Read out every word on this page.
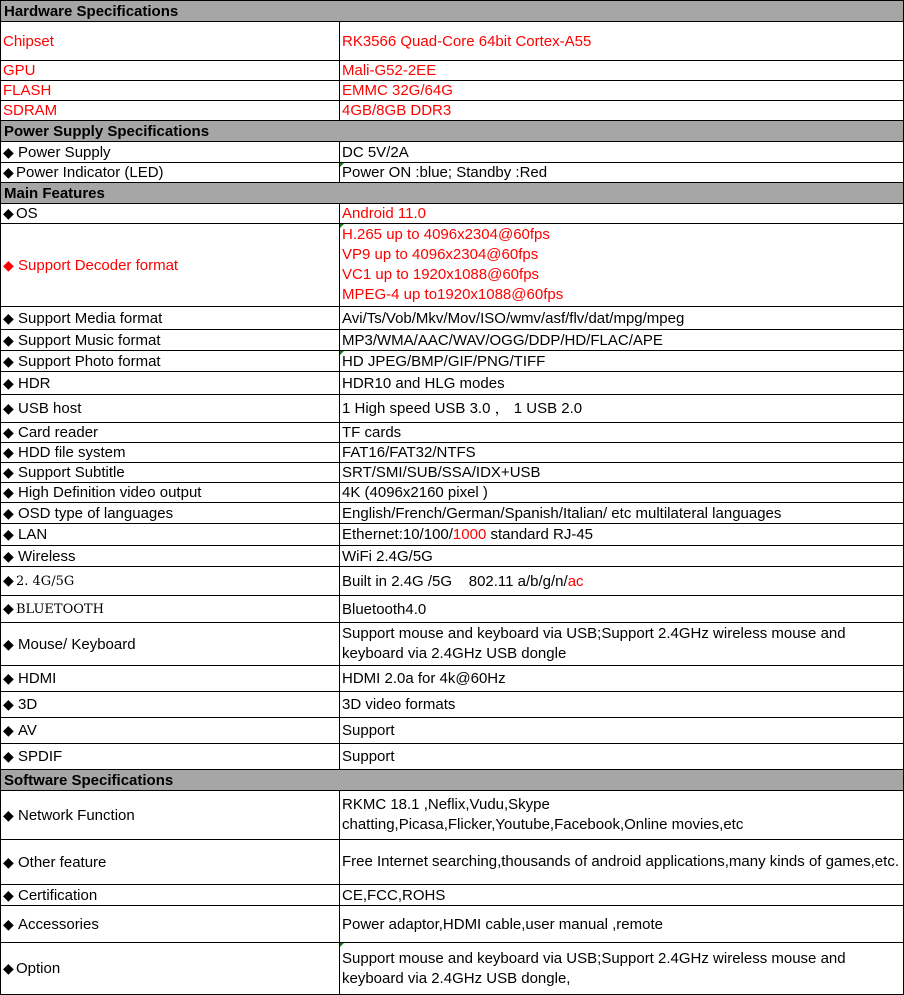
Hardware Specifications	
Chipset	RK3566 Quad-Core 64bit Cortex-A55
GPU	Mali-G52-2EE
FLASH	EMMC 32G/64G
SDRAM	4GB/8GB DDR3
Power Supply Specifications	
◆ Power Supply	DC 5V/2A
◆ Power Indicator (LED)	Power ON :blue; Standby :Red
Main Features	
◆ OS	Android 11.0
◆ Support Decoder format	H.265 up to 4096x2304@60fps
VP9 up to 4096x2304@60fps
VC1 up to 1920x1088@60fps
MPEG-4 up to1920x1088@60fps

◆ Support Media format	Avi/Ts/Vob/Mkv/Mov/ISO/wmv/asf/flv/dat/mpg/mpeg
◆ Support Music format	MP3/WMA/AAC/WAV/OGG/DDP/HD/FLAC/APE
◆ Support Photo format	HD JPEG/BMP/GIF/PNG/TIFF
◆ HDR	HDR10 and HLG modes
◆ USB host	1 High speed USB 3.0 ， 1 USB 2.0
◆ Card reader	TF cards
◆ HDD file system	FAT16/FAT32/NTFS
◆ Support Subtitle	SRT/SMI/SUB/SSA/IDX+USB
◆ High Definition video output	4K (4096x2160 pixel )
◆ OSD type of languages	English/French/German/Spanish/Italian/ etc multilateral languages
◆ LAN	Ethernet:10/100/1000 standard RJ-45
◆ Wireless	WiFi 2.4G/5G
◆ 2. 4G/5G	Built in 2.4G /5G    802.11 a/b/g/n/ac
◆ BLUETOOTH	Bluetooth4.0
◆ Mouse/ Keyboard	Support mouse and keyboard via USB;Support 2.4GHz wireless mouse and keyboard via 2.4GHz USB dongle
◆ HDMI	HDMI 2.0a for 4k@60Hz
◆ 3D	3D video formats
◆ AV	Support
◆ SPDIF	Support
Software Specifications	
◆ Network Function	RKMC 18.1 ,Neflix,Vudu,Skype
chatting,Picasa,Flicker,Youtube,Facebook,Online movies,etc

◆ Other feature	Free Internet searching,thousands of android applications,many kinds of games,etc.
◆ Certification	CE,FCC,ROHS
◆ Accessories	Power adaptor,HDMI cable,user manual ,remote
◆ Option	Support mouse and keyboard via USB;Support 2.4GHz wireless mouse and keyboard via 2.4GHz USB dongle,
